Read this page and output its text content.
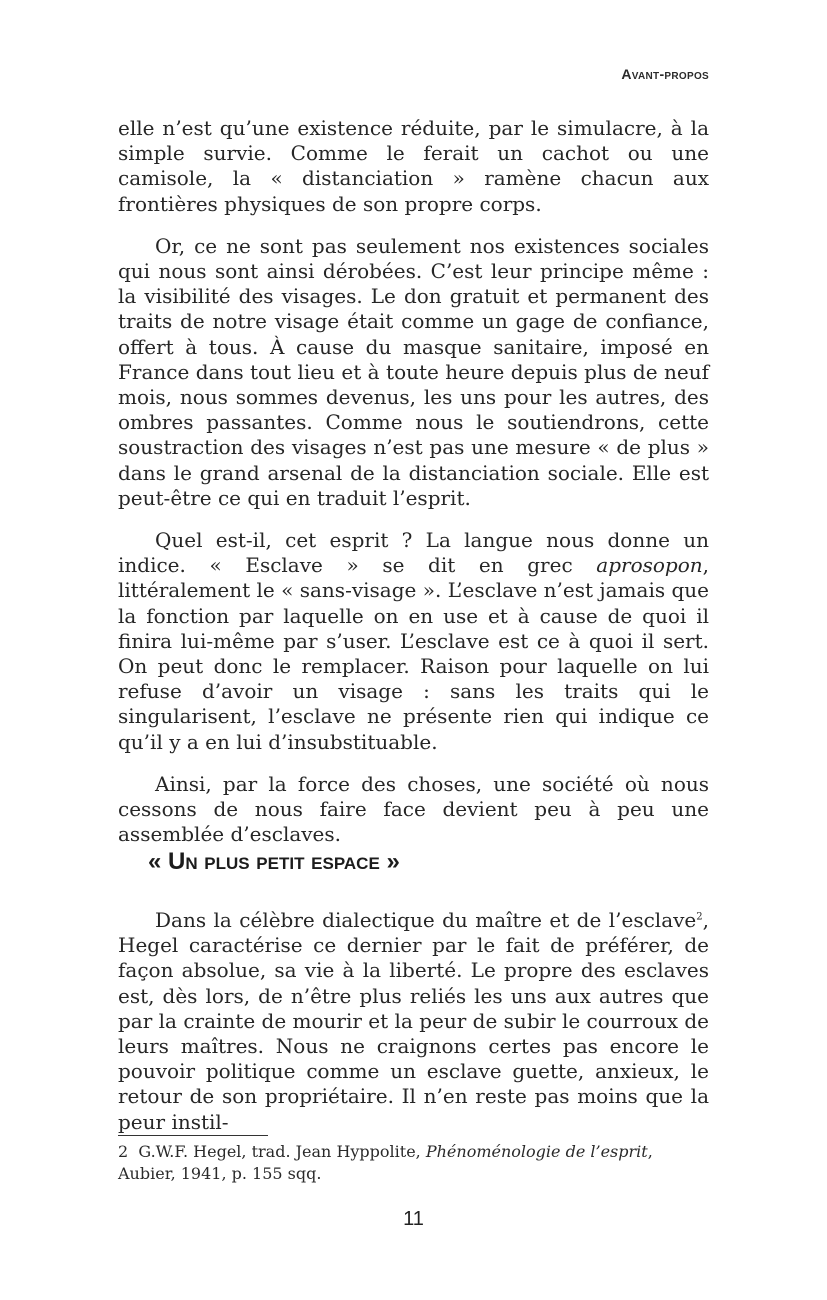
Avant-propos

elle n’est qu’une existence réduite, par le simulacre, à la simple survie. Comme le ferait un cachot ou une camisole, la « distanciation » ramène chacun aux frontières physiques de son propre corps.

Or, ce ne sont pas seulement nos existences sociales qui nous sont ainsi dérobées. C’est leur principe même : la visibilité des visages. Le don gratuit et permanent des traits de notre visage était comme un gage de confiance, offert à tous. À cause du masque sanitaire, imposé en France dans tout lieu et à toute heure depuis plus de neuf mois, nous sommes devenus, les uns pour les autres, des ombres passantes. Comme nous le soutiendrons, cette soustraction des visages n’est pas une mesure « de plus » dans le grand arsenal de la distanciation sociale. Elle est peut-être ce qui en traduit l’esprit.

Quel est-il, cet esprit ? La langue nous donne un indice. « Esclave » se dit en grec aprosopon, littéralement le « sans-visage ». L’esclave n’est jamais que la fonction par laquelle on en use et à cause de quoi il finira lui-même par s’user. L’esclave est ce à quoi il sert. On peut donc le remplacer. Raison pour laquelle on lui refuse d’avoir un visage : sans les traits qui le singularisent, l’esclave ne présente rien qui indique ce qu’il y a en lui d’insubstituable.

Ainsi, par la force des choses, une société où nous cessons de nous faire face devient peu à peu une assemblée d’esclaves.

« Un plus petit espace »

Dans la célèbre dialectique du maître et de l’esclave$^2$, Hegel caractérise ce dernier par le fait de préférer, de façon absolue, sa vie à la liberté. Le propre des esclaves est, dès lors, de n’être plus reliés les uns aux autres que par la crainte de mourir et la peur de subir le courroux de leurs maîtres. Nous ne craignons certes pas encore le pouvoir politique comme un esclave guette, anxieux, le retour de son propriétaire. Il n’en reste pas moins que la peur instil-

2 G.W.F. Hegel, trad. Jean Hyppolite, Phénoménologie de l’esprit, Aubier, 1941, p. 155 sqq.

11
